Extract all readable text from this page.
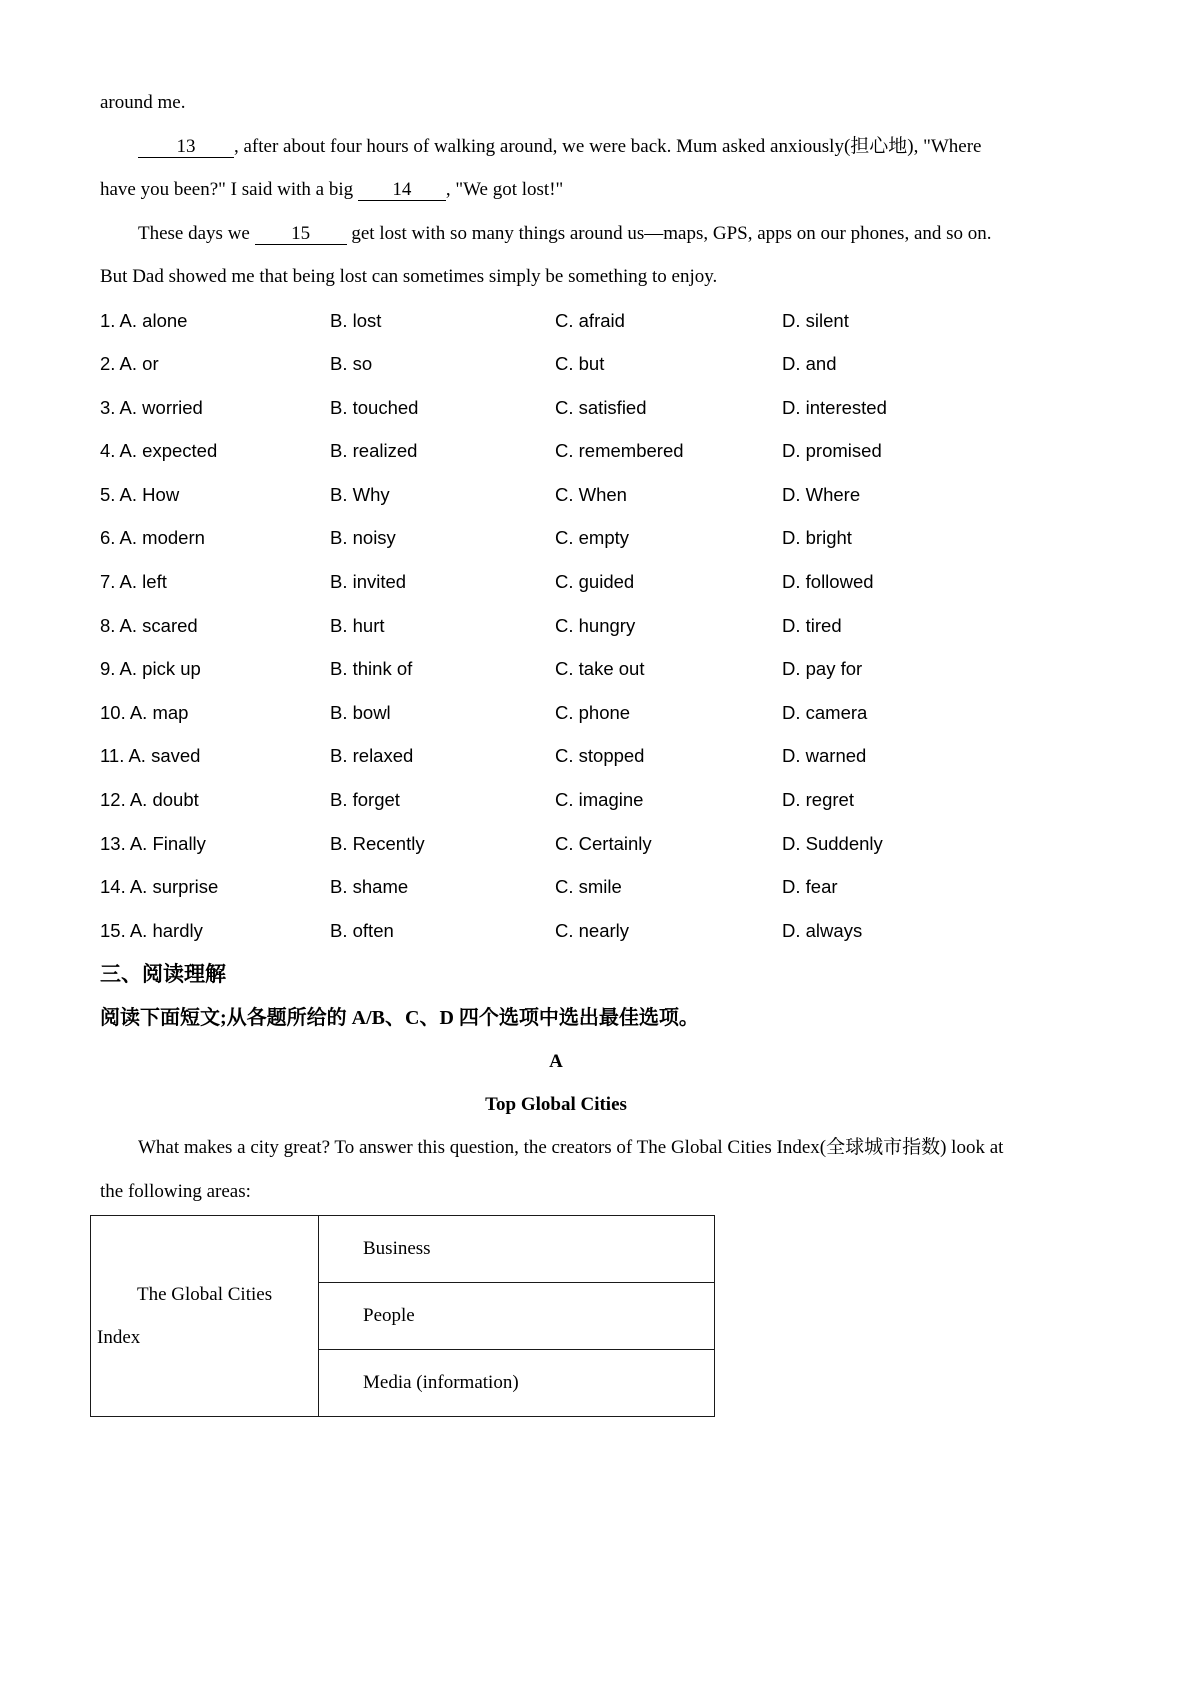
around me.

13 , after about four hours of walking around, we were back. Mum asked anxiously(担心地), "Where have you been?" I said with a big 14 , "We got lost!"

These days we 15 get lost with so many things around us—maps, GPS, apps on our phones, and so on. But Dad showed me that being lost can sometimes simply be something to enjoy.

1. A. alone	B. lost	C. afraid	D. silent
2. A. or	B. so	C. but	D. and
3. A. worried	B. touched	C. satisfied	D. interested
4. A. expected	B. realized	C. remembered	D. promised
5. A. How	B. Why	C. When	D. Where
6. A. modern	B. noisy	C. empty	D. bright
7. A. left	B. invited	C. guided	D. followed
8. A. scared	B. hurt	C. hungry	D. tired
9. A. pick up	B. think of	C. take out	D. pay for
10. A. map	B. bowl	C. phone	D. camera
11. A. saved	B. relaxed	C. stopped	D. warned
12. A. doubt	B. forget	C. imagine	D. regret
13. A. Finally	B. Recently	C. Certainly	D. Suddenly
14. A. surprise	B. shame	C. smile	D. fear
15. A. hardly	B. often	C. nearly	D. always
三、阅读理解

阅读下面短文;从各题所给的 A/B、C、D 四个选项中选出最佳选项。

A

Top Global Cities

What makes a city great? To answer this question, the creators of The Global Cities Index(全球城市指数) look at the following areas:

The Global Cities
Index
	Business
People
Media (information)
